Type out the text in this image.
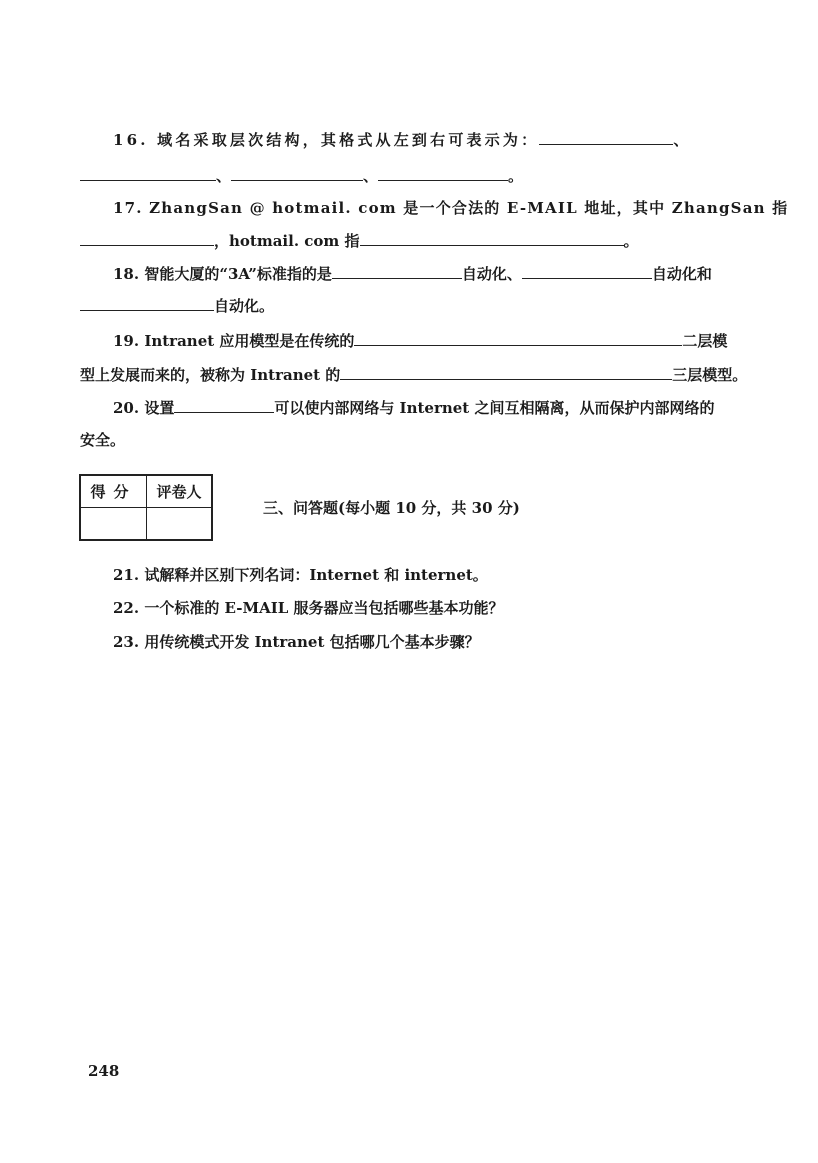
16. 域名采取层次结构，其格式从左到右可表示为：	、
、	、	。
17. ZhangSan @ hotmail. com 是一个合法的 E-MAIL 地址，其中 ZhangSan 指
，hotmail. com 指	。
18. 智能大厦的“3A”标准指的是	自动化、	自动化和
自动化。
19. Intranet 应用模型是在传统的	二层模
型上发展而来的，被称为 Intranet 的	三层模型。
20. 设置	可以使内部网络与 Internet 之间互相隔离，从而保护内部网络的
安全。
得分	评卷人
三、问答题(每小题 10 分，共 30 分)
21. 试解释并区别下列名词：Internet 和 internet。
22. 一个标准的 E-MAIL 服务器应当包括哪些基本功能？
23. 用传统模式开发 Intranet 包括哪几个基本步骤？
248
